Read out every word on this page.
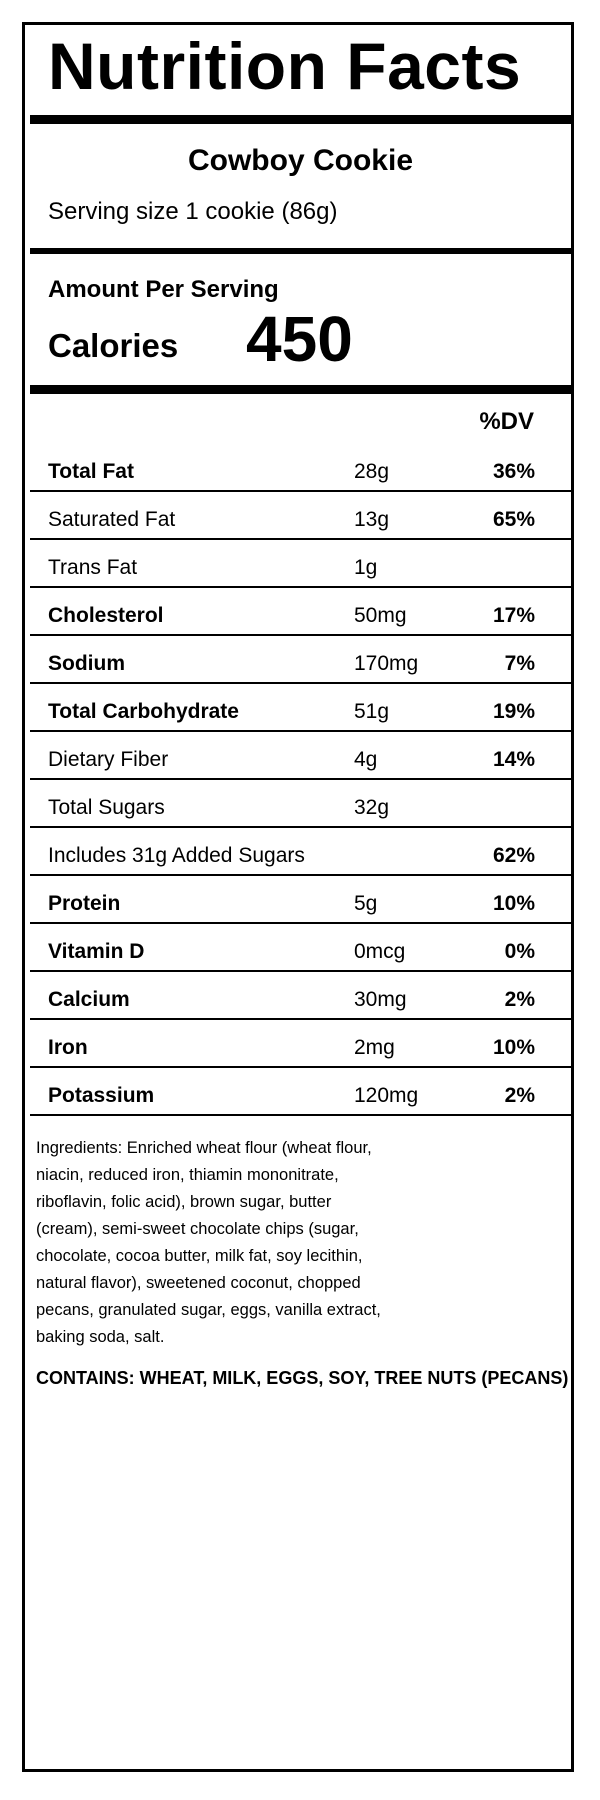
Nutrition Facts
Cowboy Cookie
Serving size 1 cookie (86g)
Amount Per Serving
Calories 450
%DV
Total Fat	28g	36%
Saturated Fat	13g	65%
Trans Fat	1g
Cholesterol	50mg	17%
Sodium	170mg	7%
Total Carbohydrate	51g	19%
Dietary Fiber	4g	14%
Total Sugars	32g
Includes 31g Added Sugars	62%
Protein	5g	10%
Vitamin D	0mcg	0%
Calcium	30mg	2%
Iron	2mg	10%
Potassium	120mg	2%
Ingredients: Enriched wheat flour (wheat flour,
niacin, reduced iron, thiamin mononitrate,
riboflavin, folic acid), brown sugar, butter
(cream), semi-sweet chocolate chips (sugar,
chocolate, cocoa butter, milk fat, soy lecithin,
natural flavor), sweetened coconut, chopped
pecans, granulated sugar, eggs, vanilla extract,
baking soda, salt.
CONTAINS: WHEAT, MILK, EGGS, SOY, TREE NUTS (PECANS)
